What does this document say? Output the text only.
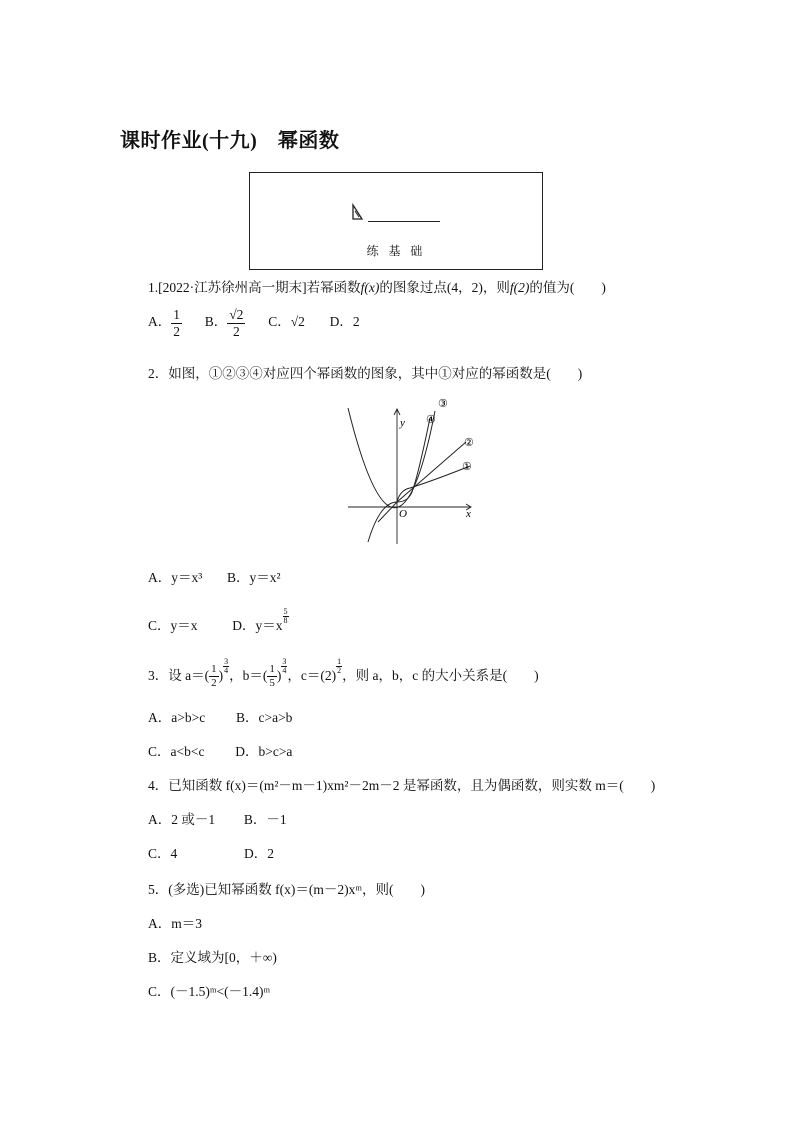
课时作业(十九)　幂函数
练 基 础
1.[2022·江苏徐州高一期末]若幂函数f(x)的图象过点(4，2)，则f(2)的值为(　　)
A． $\frac{1}{2}$ B． $\frac{√2}{2}$ C．√2 D．2
2．如图，①②③④对应四个幂函数的图象，其中①对应的幂函数是(　　)
y
x
O
①
②
③
④
A．y＝x³ B．y＝x²
C．y＝x	D．y＝x
$\frac{5}{8}$
3．设 $a=( \frac{1}{2}$ )
$\frac{3}{4}$
，$b=( \frac{1}{5}$ )
$\frac{3}{4}$
，c＝(2)
$\frac{1}{2}$
，则 a，b，c 的大小关系是(　　)
A．a>b>c B．c>a>b
C．a<b<c D．b>c>a
4．已知函数 f(x)＝(m²－m－1)xm²－2m－2 是幂函数，且为偶函数，则实数 m＝(　　)
A．2 或－1 B．－1
C．4	D．2
5．(多选)已知幂函数 f(x)＝(m－2)xᵐ，则(　　)
A．m＝3
B．定义域为[0，＋∞)
C．(－1.5)ᵐ<(－1.4)ᵐ
